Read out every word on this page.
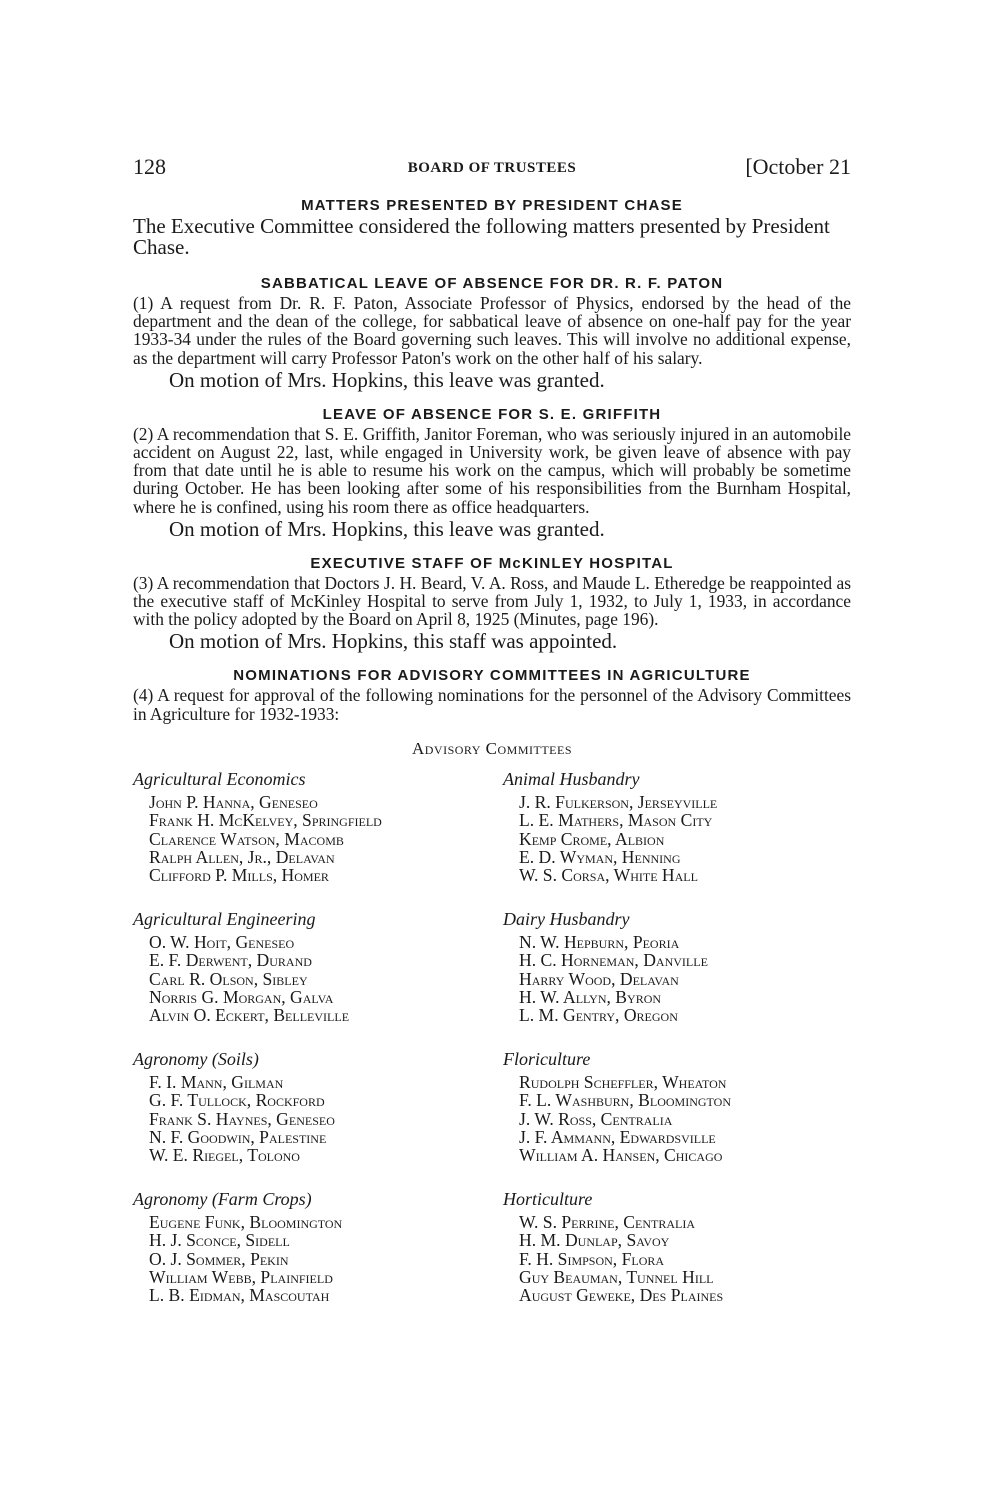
128	BOARD OF TRUSTEES	[October 21
MATTERS PRESENTED BY PRESIDENT CHASE

The Executive Committee considered the following matters presented by President Chase.

SABBATICAL LEAVE OF ABSENCE FOR DR. R. F. PATON

(1) A request from Dr. R. F. Paton, Associate Professor of Physics, endorsed by the head of the department and the dean of the college, for sabbatical leave of absence on one-half pay for the year 1933-34 under the rules of the Board governing such leaves. This will involve no additional expense, as the department will carry Professor Paton's work on the other half of his salary.

On motion of Mrs. Hopkins, this leave was granted.

LEAVE OF ABSENCE FOR S. E. GRIFFITH

(2) A recommendation that S. E. Griffith, Janitor Foreman, who was seriously injured in an automobile accident on August 22, last, while engaged in University work, be given leave of absence with pay from that date until he is able to resume his work on the campus, which will probably be sometime during October. He has been looking after some of his responsibilities from the Burnham Hospital, where he is confined, using his room there as office headquarters.

On motion of Mrs. Hopkins, this leave was granted.

EXECUTIVE STAFF OF McKINLEY HOSPITAL

(3) A recommendation that Doctors J. H. Beard, V. A. Ross, and Maude L. Etheredge be reappointed as the executive staff of McKinley Hospital to serve from July 1, 1932, to July 1, 1933, in accordance with the policy adopted by the Board on April 8, 1925 (Minutes, page 196).

On motion of Mrs. Hopkins, this staff was appointed.

NOMINATIONS FOR ADVISORY COMMITTEES IN AGRICULTURE

(4) A request for approval of the following nominations for the personnel of the Advisory Committees in Agriculture for 1932-1933:

Advisory Committees

Agricultural Economics

John P. Hanna, Geneseo

Frank H. McKelvey, Springfield

Clarence Watson, Macomb

Ralph Allen, Jr., Delavan

Clifford P. Mills, Homer

Animal Husbandry

J. R. Fulkerson, Jerseyville

L. E. Mathers, Mason City

Kemp Crome, Albion

E. D. Wyman, Henning

W. S. Corsa, White Hall

Agricultural Engineering

O. W. Hoit, Geneseo

E. F. Derwent, Durand

Carl R. Olson, Sibley

Norris G. Morgan, Galva

Alvin O. Eckert, Belleville

Dairy Husbandry

N. W. Hepburn, Peoria

H. C. Horneman, Danville

Harry Wood, Delavan

H. W. Allyn, Byron

L. M. Gentry, Oregon

Agronomy (Soils)

F. I. Mann, Gilman

G. F. Tullock, Rockford

Frank S. Haynes, Geneseo

N. F. Goodwin, Palestine

W. E. Riegel, Tolono

Floriculture

Rudolph Scheffler, Wheaton

F. L. Washburn, Bloomington

J. W. Ross, Centralia

J. F. Ammann, Edwardsville

William A. Hansen, Chicago

Agronomy (Farm Crops)

Eugene Funk, Bloomington

H. J. Sconce, Sidell

O. J. Sommer, Pekin

William Webb, Plainfield

L. B. Eidman, Mascoutah

Horticulture

W. S. Perrine, Centralia

H. M. Dunlap, Savoy

F. H. Simpson, Flora

Guy Beauman, Tunnel Hill

August Geweke, Des Plaines
